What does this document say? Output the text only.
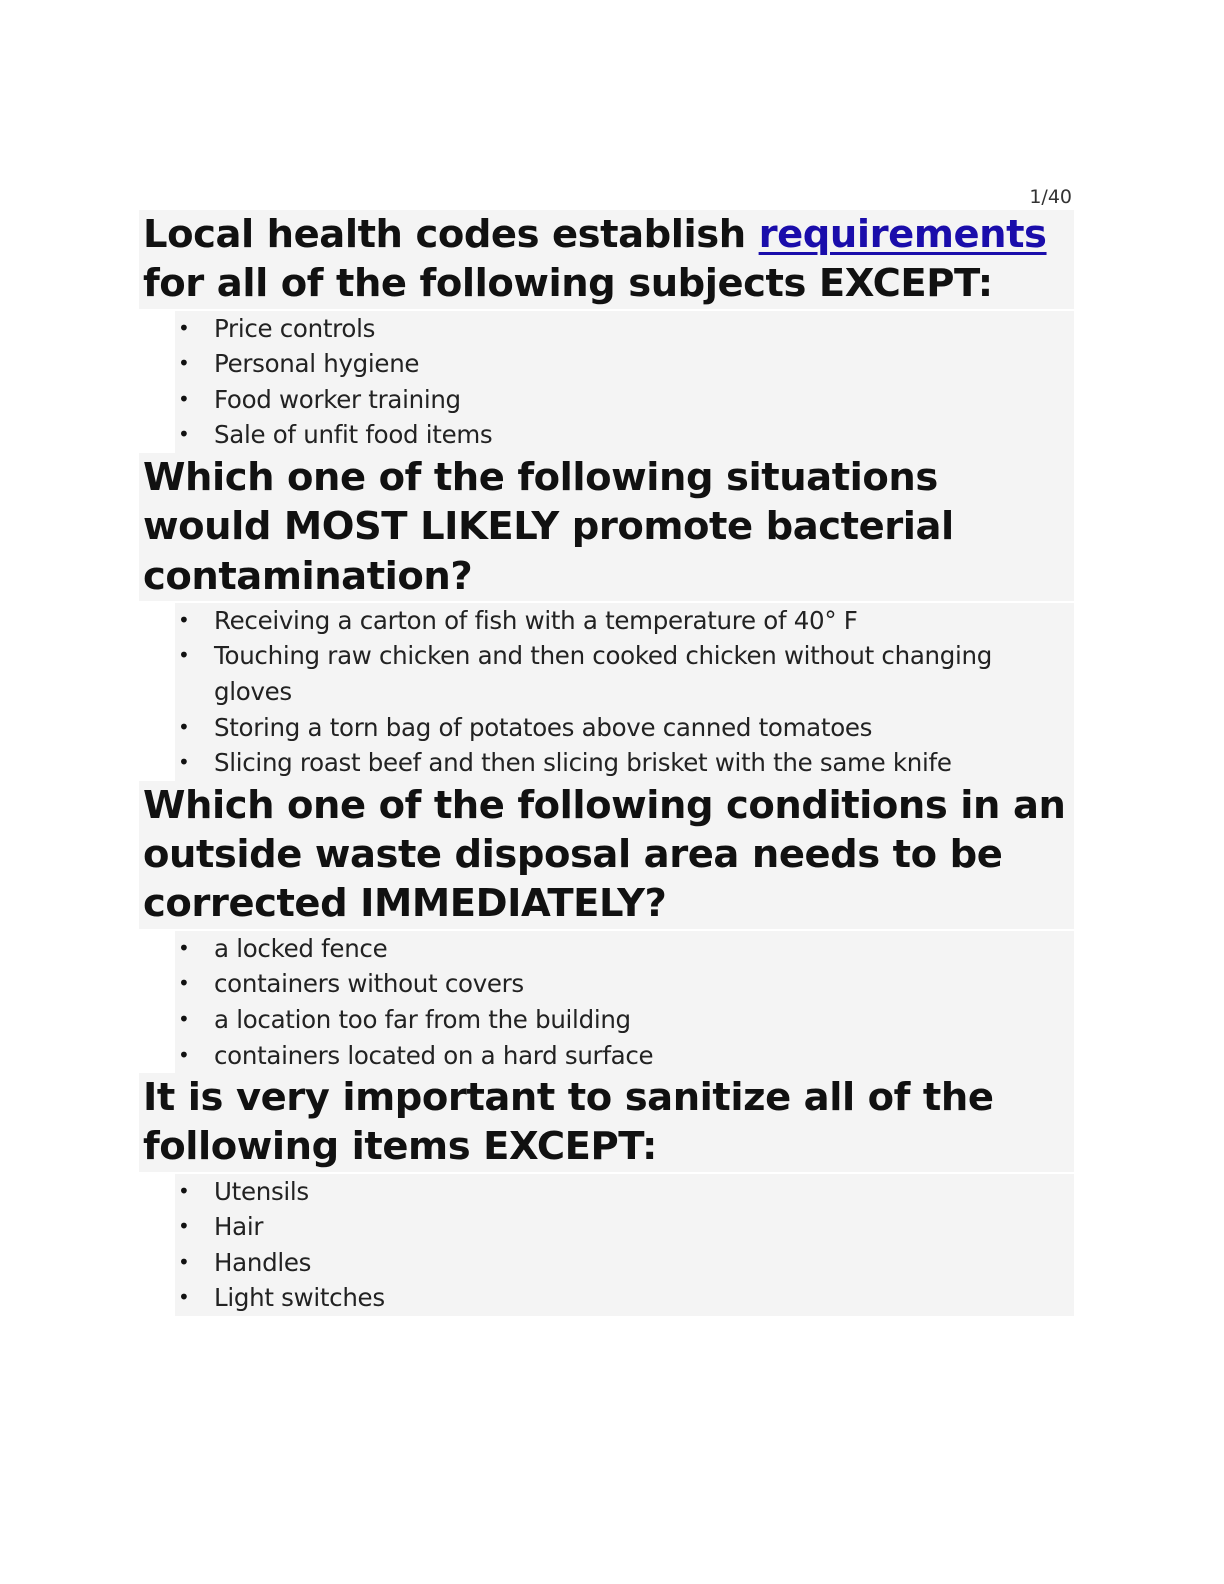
1/40
Local health codes establish requirements for all of the following subjects EXCEPT:
• Price controls
• Personal hygiene
• Food worker training
• Sale of unfit food items
Which one of the following situations would MOST LIKELY promote bacterial contamination?
• Receiving a carton of fish with a temperature of 40° F
• Touching raw chicken and then cooked chicken without changing gloves
• Storing a torn bag of potatoes above canned tomatoes
• Slicing roast beef and then slicing brisket with the same knife
Which one of the following conditions in an outside waste disposal area needs to be corrected IMMEDIATELY?
• a locked fence
• containers without covers
• a location too far from the building
• containers located on a hard surface
It is very important to sanitize all of the following items EXCEPT:
• Utensils
• Hair
• Handles
• Light switches
